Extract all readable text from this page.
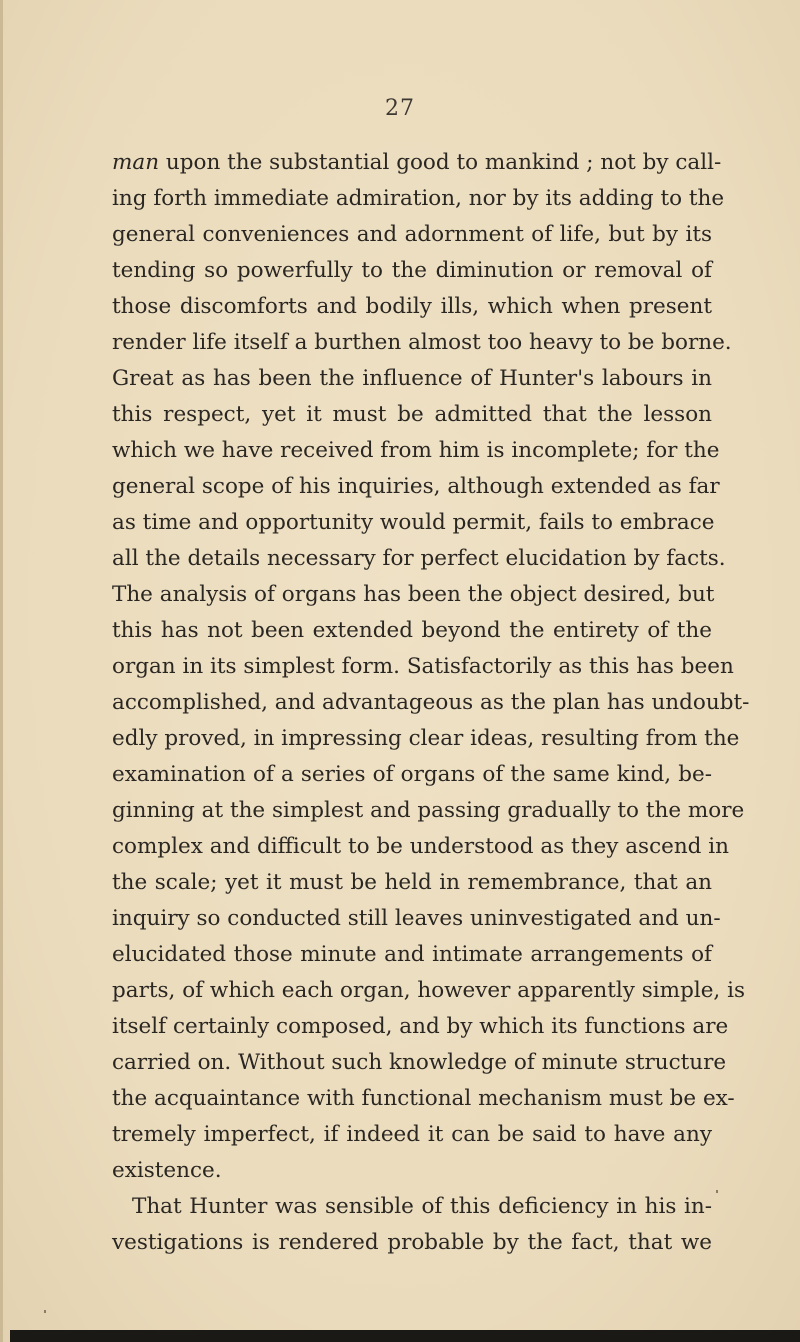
27
man upon the substantial good to mankind ; not by call-
ing forth immediate admiration, nor by its adding to the
general conveniences and adornment of life, but by its
tending so powerfully to the diminution or removal of
those discomforts and bodily ills, which when present
render life itself a burthen almost too heavy to be borne.
Great as has been the influence of Hunter's labours in
this respect, yet it must be admitted that the lesson
which we have received from him is incomplete; for the
general scope of his inquiries, although extended as far
as time and opportunity would permit, fails to embrace
all the details necessary for perfect elucidation by facts.
The analysis of organs has been the object desired, but
this has not been extended beyond the entirety of the
organ in its simplest form. Satisfactorily as this has been
accomplished, and advantageous as the plan has undoubt-
edly proved, in impressing clear ideas, resulting from the
examination of a series of organs of the same kind, be-
ginning at the simplest and passing gradually to the more
complex and difficult to be understood as they ascend in
the scale; yet it must be held in remembrance, that an
inquiry so conducted still leaves uninvestigated and un-
elucidated those minute and intimate arrangements of
parts, of which each organ, however apparently simple, is
itself certainly composed, and by which its functions are
carried on. Without such knowledge of minute structure
the acquaintance with functional mechanism must be ex-
tremely imperfect, if indeed it can be said to have any
existence.
That Hunter was sensible of this deficiency in his in-
vestigations is rendered probable by the fact, that we
